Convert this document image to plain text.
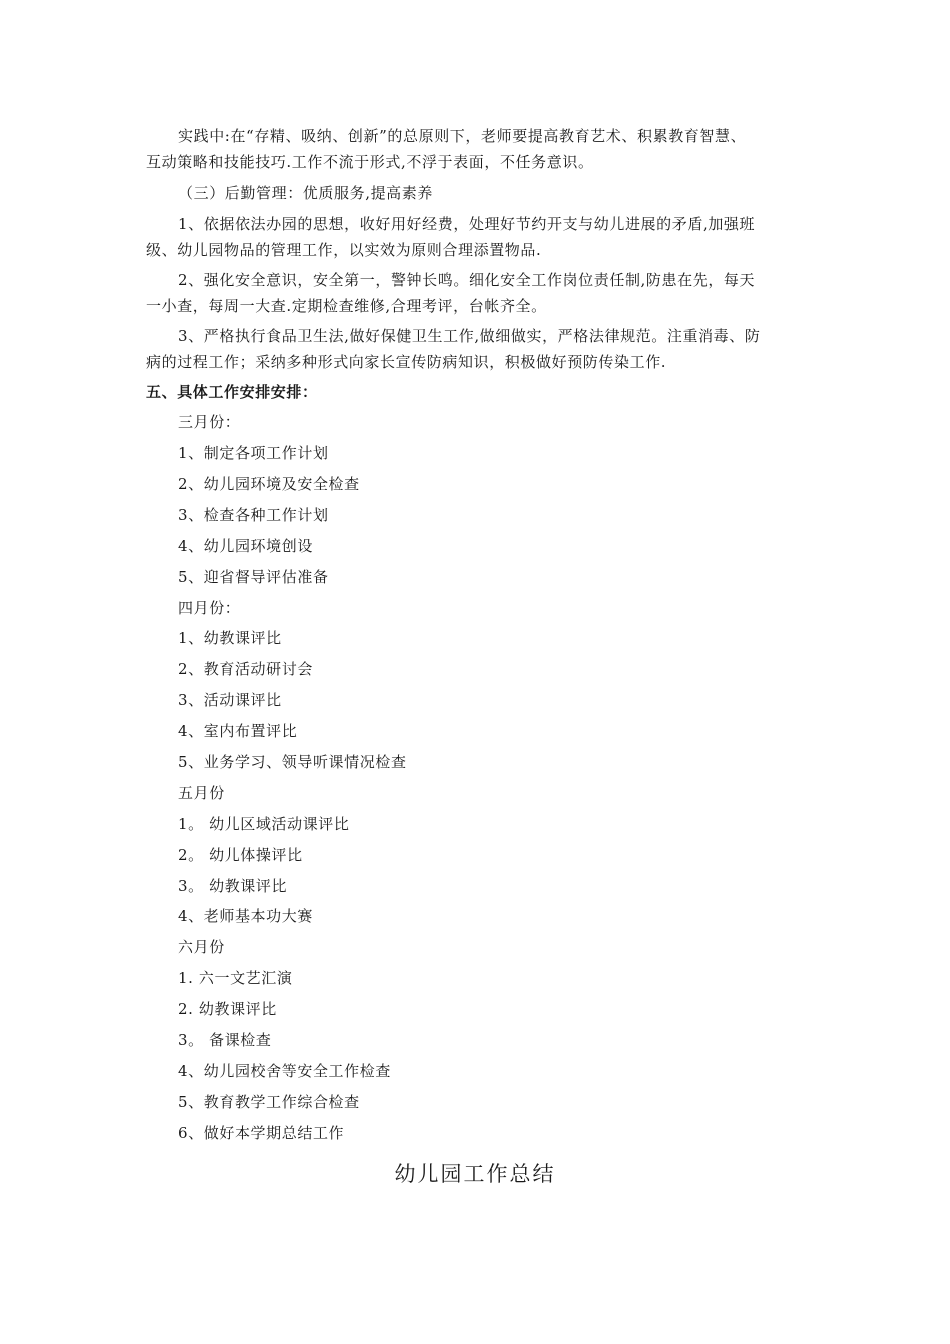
实践中:在“存精、吸纳、创新”的总原则下，老师要提高教育艺术、积累教育智慧、
互动策略和技能技巧.工作不流于形式,不浮于表面，不任务意识。
（三）后勤管理：优质服务,提高素养
1、依据依法办园的思想，收好用好经费，处理好节约开支与幼儿进展的矛盾,加强班
级、幼儿园物品的管理工作，以实效为原则合理添置物品.
2、强化安全意识，安全第一，警钟长鸣。细化安全工作岗位责任制,防患在先，每天
一小查，每周一大查.定期检查维修,合理考评，台帐齐全。
3、严格执行食品卫生法,做好保健卫生工作,做细做实，严格法律规范。注重消毒、防
病的过程工作；采纳多种形式向家长宣传防病知识，积极做好预防传染工作.
五、具体工作安排安排：
三月份：
1、制定各项工作计划
2、幼儿园环境及安全检查
3、检查各种工作计划
4、幼儿园环境创设
5、迎省督导评估准备
四月份：
1、幼教课评比
2、教育活动研讨会
3、活动课评比
4、室内布置评比
5、业务学习、领导听课情况检查
五月份
1。 幼儿区域活动课评比
2。 幼儿体操评比
3。 幼教课评比
4、老师基本功大赛
六月份
1. 六一文艺汇演
2. 幼教课评比
3。 备课检查
4、幼儿园校舍等安全工作检查
5、教育教学工作综合检查
6、做好本学期总结工作
幼儿园工作总结
